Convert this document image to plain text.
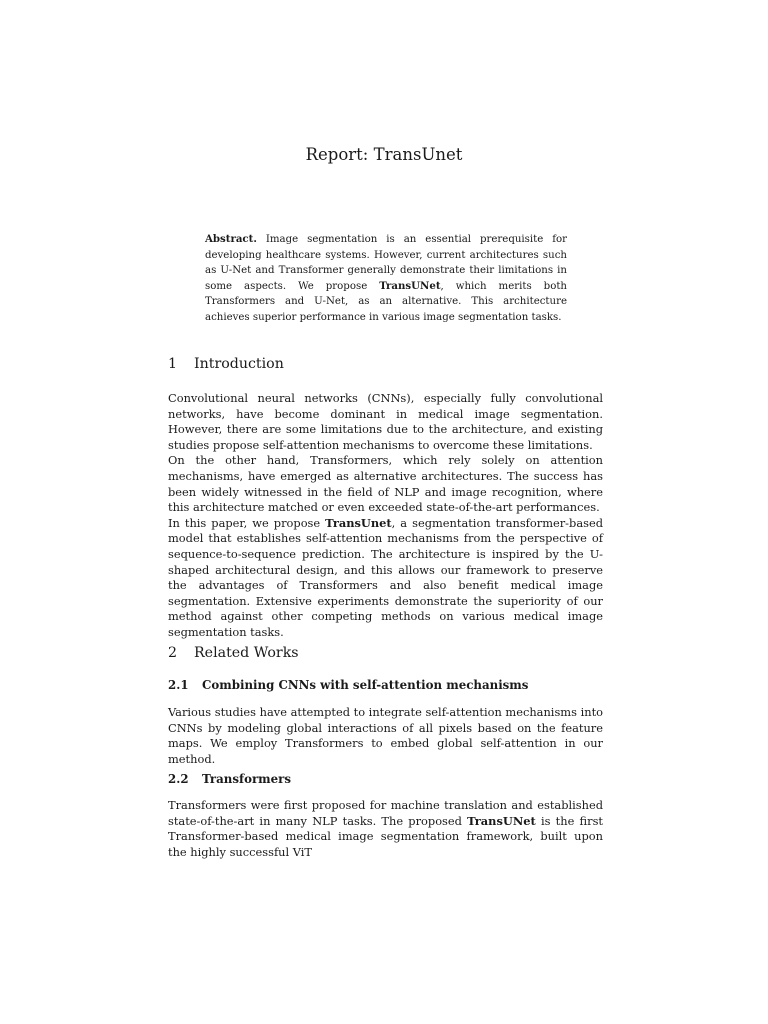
Report: TransUnet
Abstract. Image segmentation is an essential prerequisite for developing healthcare systems. However, current architectures such as U-Net and Transformer generally demonstrate their limitations in some aspects. We propose TransUNet, which merits both Transformers and U-Net, as an alternative. This architecture achieves superior performance in various image segmentation tasks.
1 Introduction

Convolutional neural networks (CNNs), especially fully convolutional networks, have become dominant in medical image segmentation. However, there are some limitations due to the architecture, and existing studies propose self-attention mechanisms to overcome these limitations.

On the other hand, Transformers, which rely solely on attention mechanisms, have emerged as alternative architectures. The success has been widely witnessed in the field of NLP and image recognition, where this architecture matched or even exceeded state-of-the-art performances.

In this paper, we propose TransUnet, a segmentation transformer-based model that establishes self-attention mechanisms from the perspective of sequence-to-sequence prediction. The architecture is inspired by the U-shaped architectural design, and this allows our framework to preserve the advantages of Transformers and also benefit medical image segmentation. Extensive experiments demonstrate the superiority of our method against other competing methods on various medical image segmentation tasks.

2 Related Works
2.1 Combining CNNs with self-attention mechanisms

Various studies have attempted to integrate self-attention mechanisms into CNNs by modeling global interactions of all pixels based on the feature maps. We employ Transformers to embed global self-attention in our method.

2.2 Transformers

Transformers were first proposed for machine translation and established state-of-the-art in many NLP tasks. The proposed TransUNet is the first Transformer-based medical image segmentation framework, built upon the highly successful ViT
